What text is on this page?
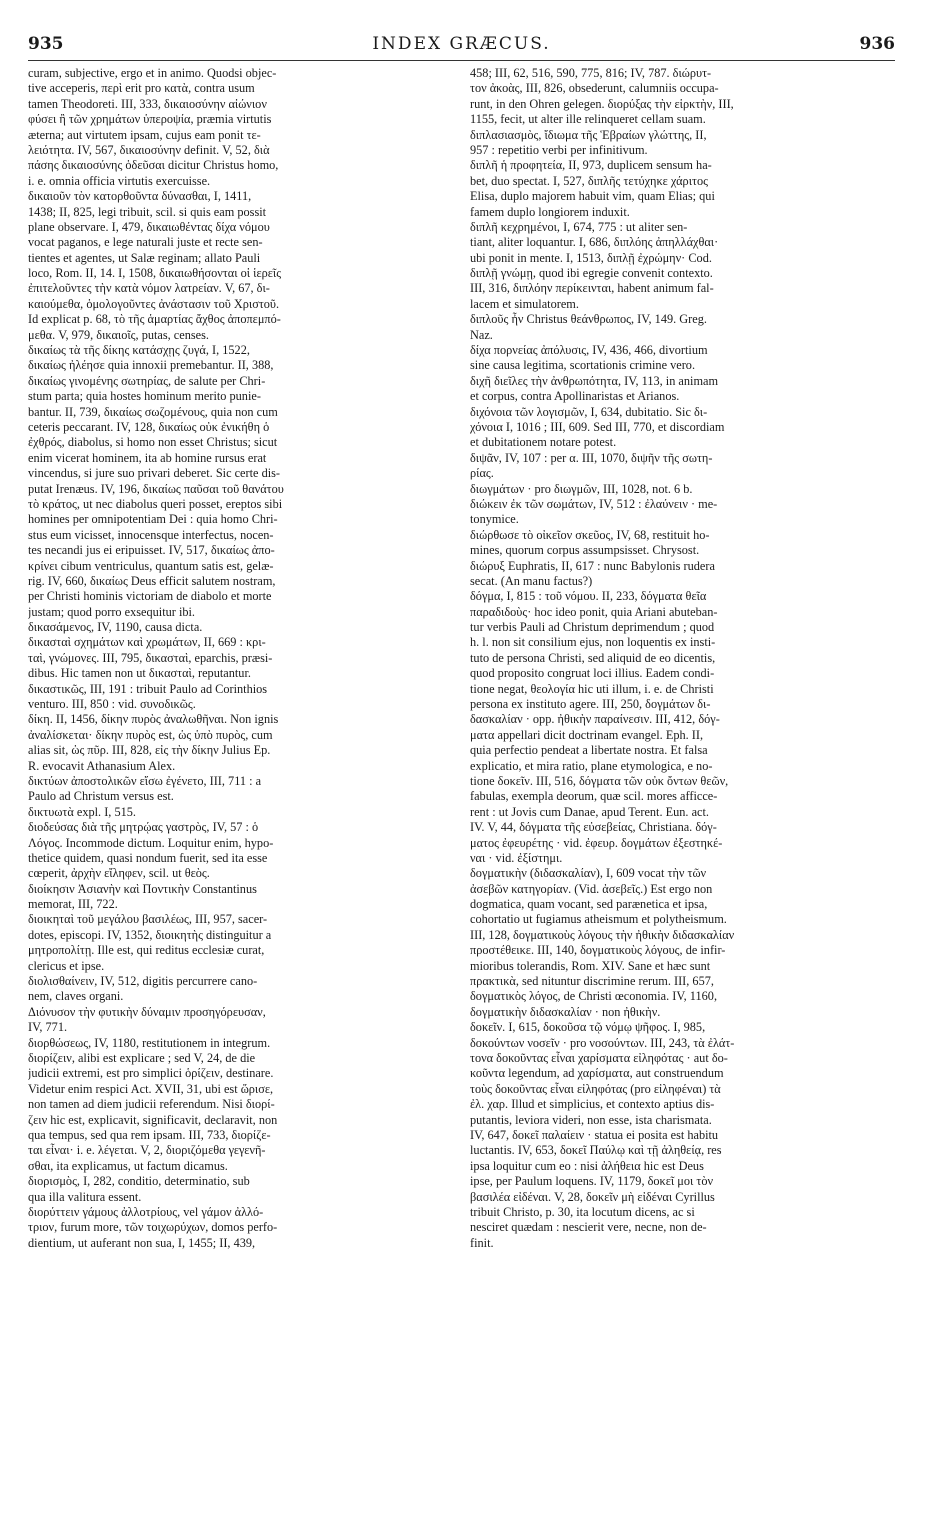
935	INDEX GRÆCUS.	936
curam, subjective, ergo et in animo. Quodsi objec-
tive acceperis, περὶ erit pro κατὰ, contra usum
tamen Theodoreti. III, 333, δικαιοσύνην αἰώνιον
φύσει ἢ τῶν χρημάτων ὑπεροψία, præmia virtutis
æterna; aut virtutem ipsam, cujus eam ponit τε-
λειότητα. IV, 567, δικαιοσύνην definit. V, 52, διὰ
πάσης δικαιοσύνης ὁδεῦσαι dicitur Christus homo,
i. e. omnia officia virtutis exercuisse.
δικαιοῦν τὸν κατορθοῦντα δύνασθαι, I, 1411,
1438; II, 825, legi tribuit, scil. si quis eam possit
plane observare. I, 479, δικαιωθέντας δίχα νόμου
vocat paganos, e lege naturali juste et recte sen-
tientes et agentes, ut Salæ reginam; allato Pauli
loco, Rom. II, 14. I, 1508, δικαιωθήσονται οἱ ἱερεῖς
ἐπιτελοῦντες τὴν κατὰ νόμον λατρείαν. V, 67, δι-
καιούμεθα, ὁμολογοῦντες ἀνάστασιν τοῦ Χριστοῦ.
Id explicat p. 68, τὸ τῆς ἁμαρτίας ἄχθος ἀποπεμπό-
μεθα. V, 979, δικαιοῖς, putas, censes.
δικαίως τὰ τῆς δίκης κατάσχῃς ζυγά, I, 1522,
δικαίως ἠλέησε quia innoxii premebantur. II, 388,
δικαίως γινομένης σωτηρίας, de salute per Chri-
stum parta; quia hostes hominum merito punie-
bantur. II, 739, δικαίως σωζομένους, quia non cum
ceteris peccarant. IV, 128, δικαίως οὐκ ἐνικήθη ὁ
ἐχθρός, diabolus, si homo non esset Christus; sicut
enim vicerat hominem, ita ab homine rursus erat
vincendus, si jure suo privari deberet. Sic certe dis-
putat Irenæus. IV, 196, δικαίως παῦσαι τοῦ θανάτου
τὸ κράτος, ut nec diabolus queri posset, ereptos sibi
homines per omnipotentiam Dei : quia homo Chri-
stus eum vicisset, innocensque interfectus, nocen-
tes necandi jus ei eripuisset. IV, 517, δικαίως ἀπο-
κρίνει cibum ventriculus, quantum satis est, gelæ-
rig. IV, 660, δικαίως Deus efficit salutem nostram,
per Christi hominis victoriam de diabolo et morte
justam; quod porro exsequitur ibi.
δικασάμενος, IV, 1190, causa dicta.
δικασταὶ σχημάτων καὶ χρωμάτων, II, 669 : κρι-
ταὶ, γνώμονες. III, 795, δικασταὶ, eparchis, præsi-
dibus. Hic tamen non ut δικασταὶ, reputantur.
δικαστικῶς, III, 191 : tribuit Paulo ad Corinthios
venturo. III, 850 : vid. συνοδικῶς.
δίκη. II, 1456, δίκην πυρὸς ἀναλωθῆναι. Non ignis
ἀναλίσκεται· δίκην πυρὸς est, ὡς ὑπὸ πυρὸς, cum
alias sit, ὡς πῦρ. III, 828, εἰς τὴν δίκην Julius Ep.
R. evocavit Athanasium Alex.
δικτύων ἀποστολικῶν εἴσω ἐγένετο, III, 711 : a
Paulo ad Christum versus est.
δικτυωτὰ expl. I, 515.
διοδεύσας διὰ τῆς μητρῴας γαστρὸς, IV, 57 : ὁ
Λόγος. Incommode dictum. Loquitur enim, hypo-
thetice quidem, quasi nondum fuerit, sed ita esse
cœperit, ἀρχὴν εἴληφεν, scil. ut θεὸς.
διοίκησιν Ἀσιανὴν καὶ Ποντικὴν Constantinus
memorat, III, 722.
διοικηταὶ τοῦ μεγάλου βασιλέως, III, 957, sacer-
dotes, episcopi. IV, 1352, διοικητὴς distinguitur a
μητροπολίτῃ. Ille est, qui reditus ecclesiæ curat,
clericus et ipse.
διολισθαίνειν, IV, 512, digitis percurrere cano-
nem, claves organi.
Διόνυσον τὴν φυτικὴν δύναμιν προσηγόρευσαν,
IV, 771.
διορθώσεως, IV, 1180, restitutionem in integrum.
διορίζειν, alibi est explicare ; sed V, 24, de die
judicii extremi, est pro simplici ὁρίζειν, destinare.
Videtur enim respici Act. XVII, 31, ubi est ὥρισε,
non tamen ad diem judicii referendum. Nisi διορί-
ζειν hic est, explicavit, significavit, declaravit, non
qua tempus, sed qua rem ipsam. III, 733, διορίζε-
ται εἶναι· i. e. λέγεται. V, 2, διοριζόμεθα γεγενῆ-
σθαι, ita explicamus, ut factum dicamus.
διορισμὸς, I, 282, conditio, determinatio, sub
qua illa valitura essent.
διορύττειν γάμους ἀλλοτρίους, vel γάμον ἀλλό-
τριον, furum more, τῶν τοιχωρύχων, domos perfo-
dientium, ut auferant non sua, I, 1455; II, 439,
458; III, 62, 516, 590, 775, 816; IV, 787. διώρυτ-
τον ἀκοὰς, III, 826, obsederunt, calumniis occupa-
runt, in den Ohren gelegen. διορύξας τὴν εἱρκτὴν, III,
1155, fecit, ut alter ille relinqueret cellam suam.
διπλασιασμὸς, ἴδιωμα τῆς Ἑβραίων γλώττης, II,
957 : repetitio verbi per infinitivum.
διπλῆ ἡ προφητεία, II, 973, duplicem sensum ha-
bet, duo spectat. I, 527, διπλῆς τετύχηκε χάριτος
Elisa, duplo majorem habuit vim, quam Elias; qui
famem duplo longiorem induxit.
διπλῆ κεχρημένοι, I, 674, 775 : ut aliter sen-
tiant, aliter loquantur. I, 686, διπλόης ἀπηλλάχθαι·
ubi ponit in mente. I, 1513, διπλῇ ἐχρώμην· Cod.
διπλῇ γνώμῃ, quod ibi egregie convenit contexto.
III, 316, διπλόην περίκεινται, habent animum fal-
lacem et simulatorem.
διπλοῦς ἦν Christus θεάνθρωπος, IV, 149. Greg.
Naz.
δίχα πορνείας ἀπόλυσις, IV, 436, 466, divortium
sine causa legitima, scortationis crimine vero.
διχῆ διεῖλες τὴν ἀνθρωπότητα, IV, 113, in animam
et corpus, contra Apollinaristas et Arianos.
διχόνοια τῶν λογισμῶν, I, 634, dubitatio. Sic δι-
χόνοια I, 1016 ; III, 609. Sed III, 770, et discordiam
et dubitationem notare potest.
διψᾶν, IV, 107 : per α. III, 1070, διψῆν τῆς σωτη-
ρίας.
διωγμάτων · pro διωγμῶν, III, 1028, not. 6 b.
διώκειν ἐκ τῶν σωμάτων, IV, 512 : ἐλαύνειν · me-
tonymice.
διώρθωσε τὸ οἰκεῖον σκεῦος, IV, 68, restituit ho-
mines, quorum corpus assumpsisset. Chrysost.
διώρυξ Euphratis, II, 617 : nunc Babylonis rudera
secat. (An manu factus?)
δόγμα, I, 815 : τοῦ νόμου. II, 233, δόγματα θεῖα
παραδιδοὺς· hoc ideo ponit, quia Ariani abuteban-
tur verbis Pauli ad Christum deprimendum ; quod
h. l. non sit consilium ejus, non loquentis ex insti-
tuto de persona Christi, sed aliquid de eo dicentis,
quod proposito congruat loci illius. Eadem condi-
tione negat, θεολογία hic uti illum, i. e. de Christi
persona ex instituto agere. III, 250, δογμάτων δι-
δασκαλίαν · opp. ἠθικὴν παραίνεσιν. III, 412, δόγ-
ματα appellari dicit doctrinam evangel. Eph. II,
quia perfectio pendeat a libertate nostra. Et falsa
explicatio, et mira ratio, plane etymologica, e no-
tione δοκεῖν. III, 516, δόγματα τῶν οὐκ ὄντων θεῶν,
fabulas, exempla deorum, quæ scil. mores afficce-
rent : ut Jovis cum Danae, apud Terent. Eun. act.
IV. V, 44, δόγματα τῆς εὐσεβείας, Christiana. δόγ-
ματος ἐφευρέτης · vid. ἐφευρ. δογμάτων ἐξεστηκέ-
ναι · vid. ἐξίστημι.
δογματικὴν (διδασκαλίαν), I, 609 vocat τὴν τῶν
ἀσεβῶν κατηγορίαν. (Vid. ἀσεβεῖς.) Est ergo non
dogmatica, quam vocant, sed parænetica et ipsa,
cohortatio ut fugiamus atheismum et polytheismum.
III, 128, δογματικοὺς λόγους τὴν ἠθικὴν διδασκαλίαν
προστέθεικε. III, 140, δογματικοὺς λόγους, de infir-
mioribus tolerandis, Rom. XIV. Sane et hæc sunt
πρακτικὰ, sed nituntur discrimine rerum. III, 657,
δογματικὸς λόγος, de Christi œconomia. IV, 1160,
δογματικὴν διδασκαλίαν · non ἠθικὴν.
δοκεῖν. I, 615, δοκοῦσα τῷ νόμῳ ψῆφος. I, 985,
δοκούντων νοσεῖν · pro νοσούντων. III, 243, τὰ ἐλάτ-
τονα δοκοῦντας εἶναι χαρίσματα εἰληφότας · aut δο-
κοῦντα legendum, ad χαρίσματα, aut construendum
τοὺς δοκοῦντας εἶναι εἰληφότας (pro εἰληφέναι) τὰ
ἐλ. χαρ. Illud et simplicius, et contexto aptius dis-
putantis, leviora videri, non esse, ista charismata.
IV, 647, δοκεῖ παλαίειν · statua ei posita est habitu
luctantis. IV, 653, δοκεῖ Παύλῳ καὶ τῇ ἀληθείᾳ, res
ipsa loquitur cum eo : nisi ἀλήθεια hic est Deus
ipse, per Paulum loquens. IV, 1179, δοκεῖ μοι τὸν
βασιλέα εἰδέναι. V, 28, δοκεῖν μὴ εἰδέναι Cyrillus
tribuit Christo, p. 30, ita locutum dicens, ac si
nesciret quædam : nescierit vere, necne, non de-
finit.
